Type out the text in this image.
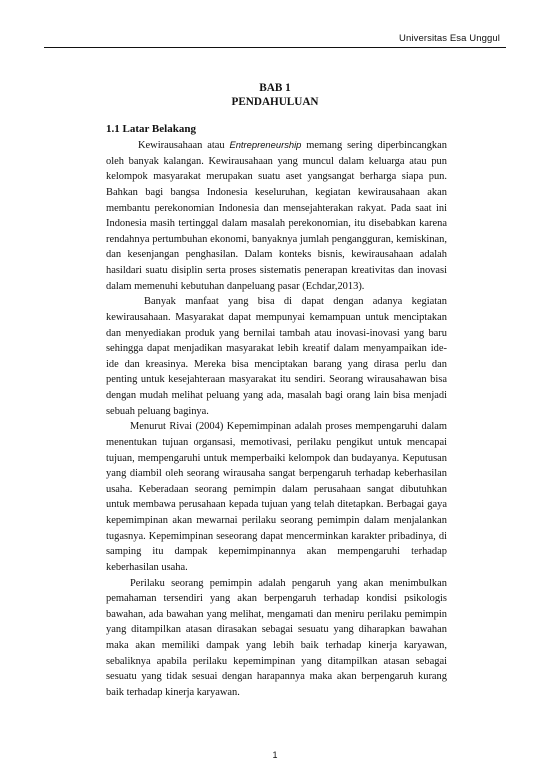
Universitas Esa Unggul
BAB 1
PENDAHULUAN
1.1 Latar Belakang

Kewirausahaan atau Entrepreneurship memang sering diperbincangkan oleh banyak kalangan. Kewirausahaan yang muncul dalam keluarga atau pun kelompok masyarakat merupakan suatu aset yangsangat berharga siapa pun. Bahkan bagi bangsa Indonesia keseluruhan, kegiatan kewirausahaan akan membantu perekonomian Indonesia dan mensejahterakan rakyat. Pada saat ini Indonesia masih tertinggal dalam masalah perekonomian, itu disebabkan karena rendahnya pertumbuhan ekonomi, banyaknya jumlah pengangguran, kemiskinan, dan kesenjangan penghasilan. Dalam konteks bisnis, kewirausahaan adalah hasildari suatu disiplin serta proses sistematis penerapan kreativitas dan inovasi dalam memenuhi kebutuhan danpeluang pasar (Echdar,2013).

Banyak manfaat yang bisa di dapat dengan adanya kegiatan kewirausahaan. Masyarakat dapat mempunyai kemampuan untuk menciptakan dan menyediakan produk yang bernilai tambah atau inovasi-inovasi yang baru sehingga dapat menjadikan masyarakat lebih kreatif dalam menyampaikan ide-ide dan kreasinya. Mereka bisa menciptakan barang yang dirasa perlu dan penting untuk kesejahteraan masyarakat itu sendiri. Seorang wirausahawan bisa dengan mudah melihat peluang yang ada, masalah bagi orang lain bisa menjadi sebuah peluang baginya.

Menurut Rivai (2004) Kepemimpinan adalah proses mempengaruhi dalam menentukan tujuan organsasi, memotivasi, perilaku pengikut untuk mencapai tujuan, mempengaruhi untuk memperbaiki kelompok dan budayanya. Keputusan yang diambil oleh seorang wirausaha sangat berpengaruh terhadap keberhasilan usaha. Keberadaan seorang pemimpin dalam perusahaan sangat dibutuhkan untuk membawa perusahaan kepada tujuan yang telah ditetapkan. Berbagai gaya kepemimpinan akan mewarnai perilaku seorang pemimpin dalam menjalankan tugasnya. Kepemimpinan seseorang dapat mencerminkan karakter pribadinya, di samping itu dampak kepemimpinannya akan mempengaruhi terhadap keberhasilan usaha.

Perilaku seorang pemimpin adalah pengaruh yang akan menimbulkan pemahaman tersendiri yang akan berpengaruh terhadap kondisi psikologis bawahan, ada bawahan yang melihat, mengamati dan meniru perilaku pemimpin yang ditampilkan atasan dirasakan sebagai sesuatu yang diharapkan bawahan maka akan memiliki dampak yang lebih baik terhadap kinerja karyawan, sebaliknya apabila perilaku kepemimpinan yang ditampilkan atasan sebagai sesuatu yang tidak sesuai dengan harapannya maka akan berpengaruh kurang baik terhadap kinerja karyawan.

1
